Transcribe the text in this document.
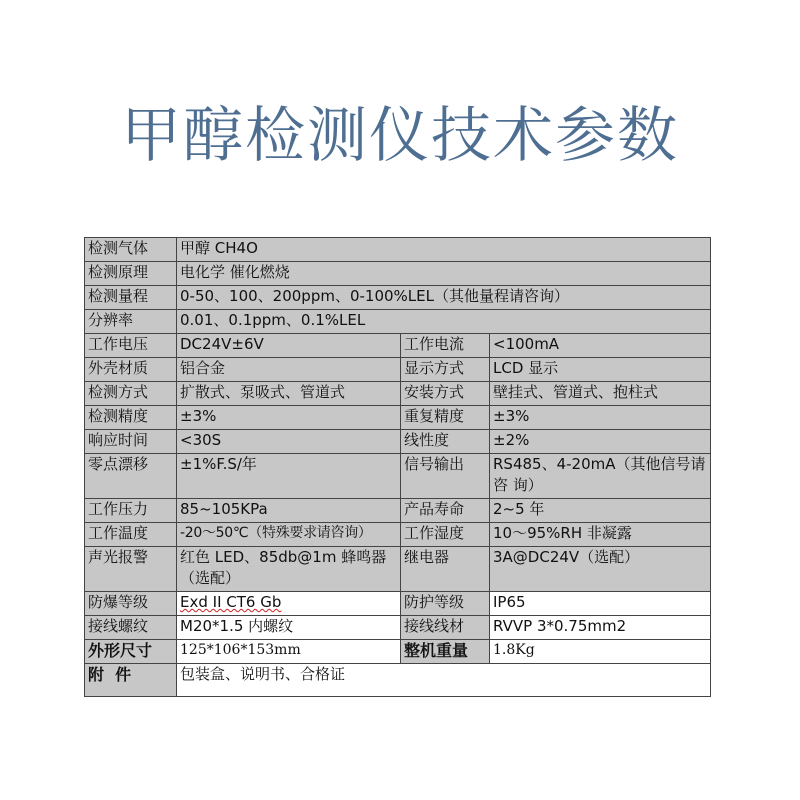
甲醇检测仪技术参数
检测气体	甲醇 CH4O		
检测原理	电化学 催化燃烧		
检测量程	0-50、100、200ppm、0-100%LEL（其他量程请咨询）		
分辨率	0.01、0.1ppm、0.1%LEL		
工作电压	DC24V±6V	工作电流	<100mA
外壳材质	铝合金	显示方式	LCD 显示
检测方式	扩散式、泵吸式、管道式	安装方式	壁挂式、管道式、抱柱式
检测精度	±3%	重复精度	±3%
响应时间	<30S	线性度	±2%
零点漂移	±1%F.S/年	信号输出	RS485、4-20mA（其他信号请咨 询）
工作压力	85~105KPa	产品寿命	2~5 年
工作温度	-20～50℃（特殊要求请咨询）	工作湿度	10～95%RH 非凝露
声光报警	红色 LED、85db@1m 蜂鸣器（选配）	继电器	3A@DC24V（选配）
防爆等级	Exd II CT6 Gb	防护等级	IP65
接线螺纹	M20*1.5 内螺纹	接线线材	RVVP 3*0.75mm2
外形尺寸	125*106*153mm	整机重量	1.8Kg
附  件	包装盒、说明书、合格证		
